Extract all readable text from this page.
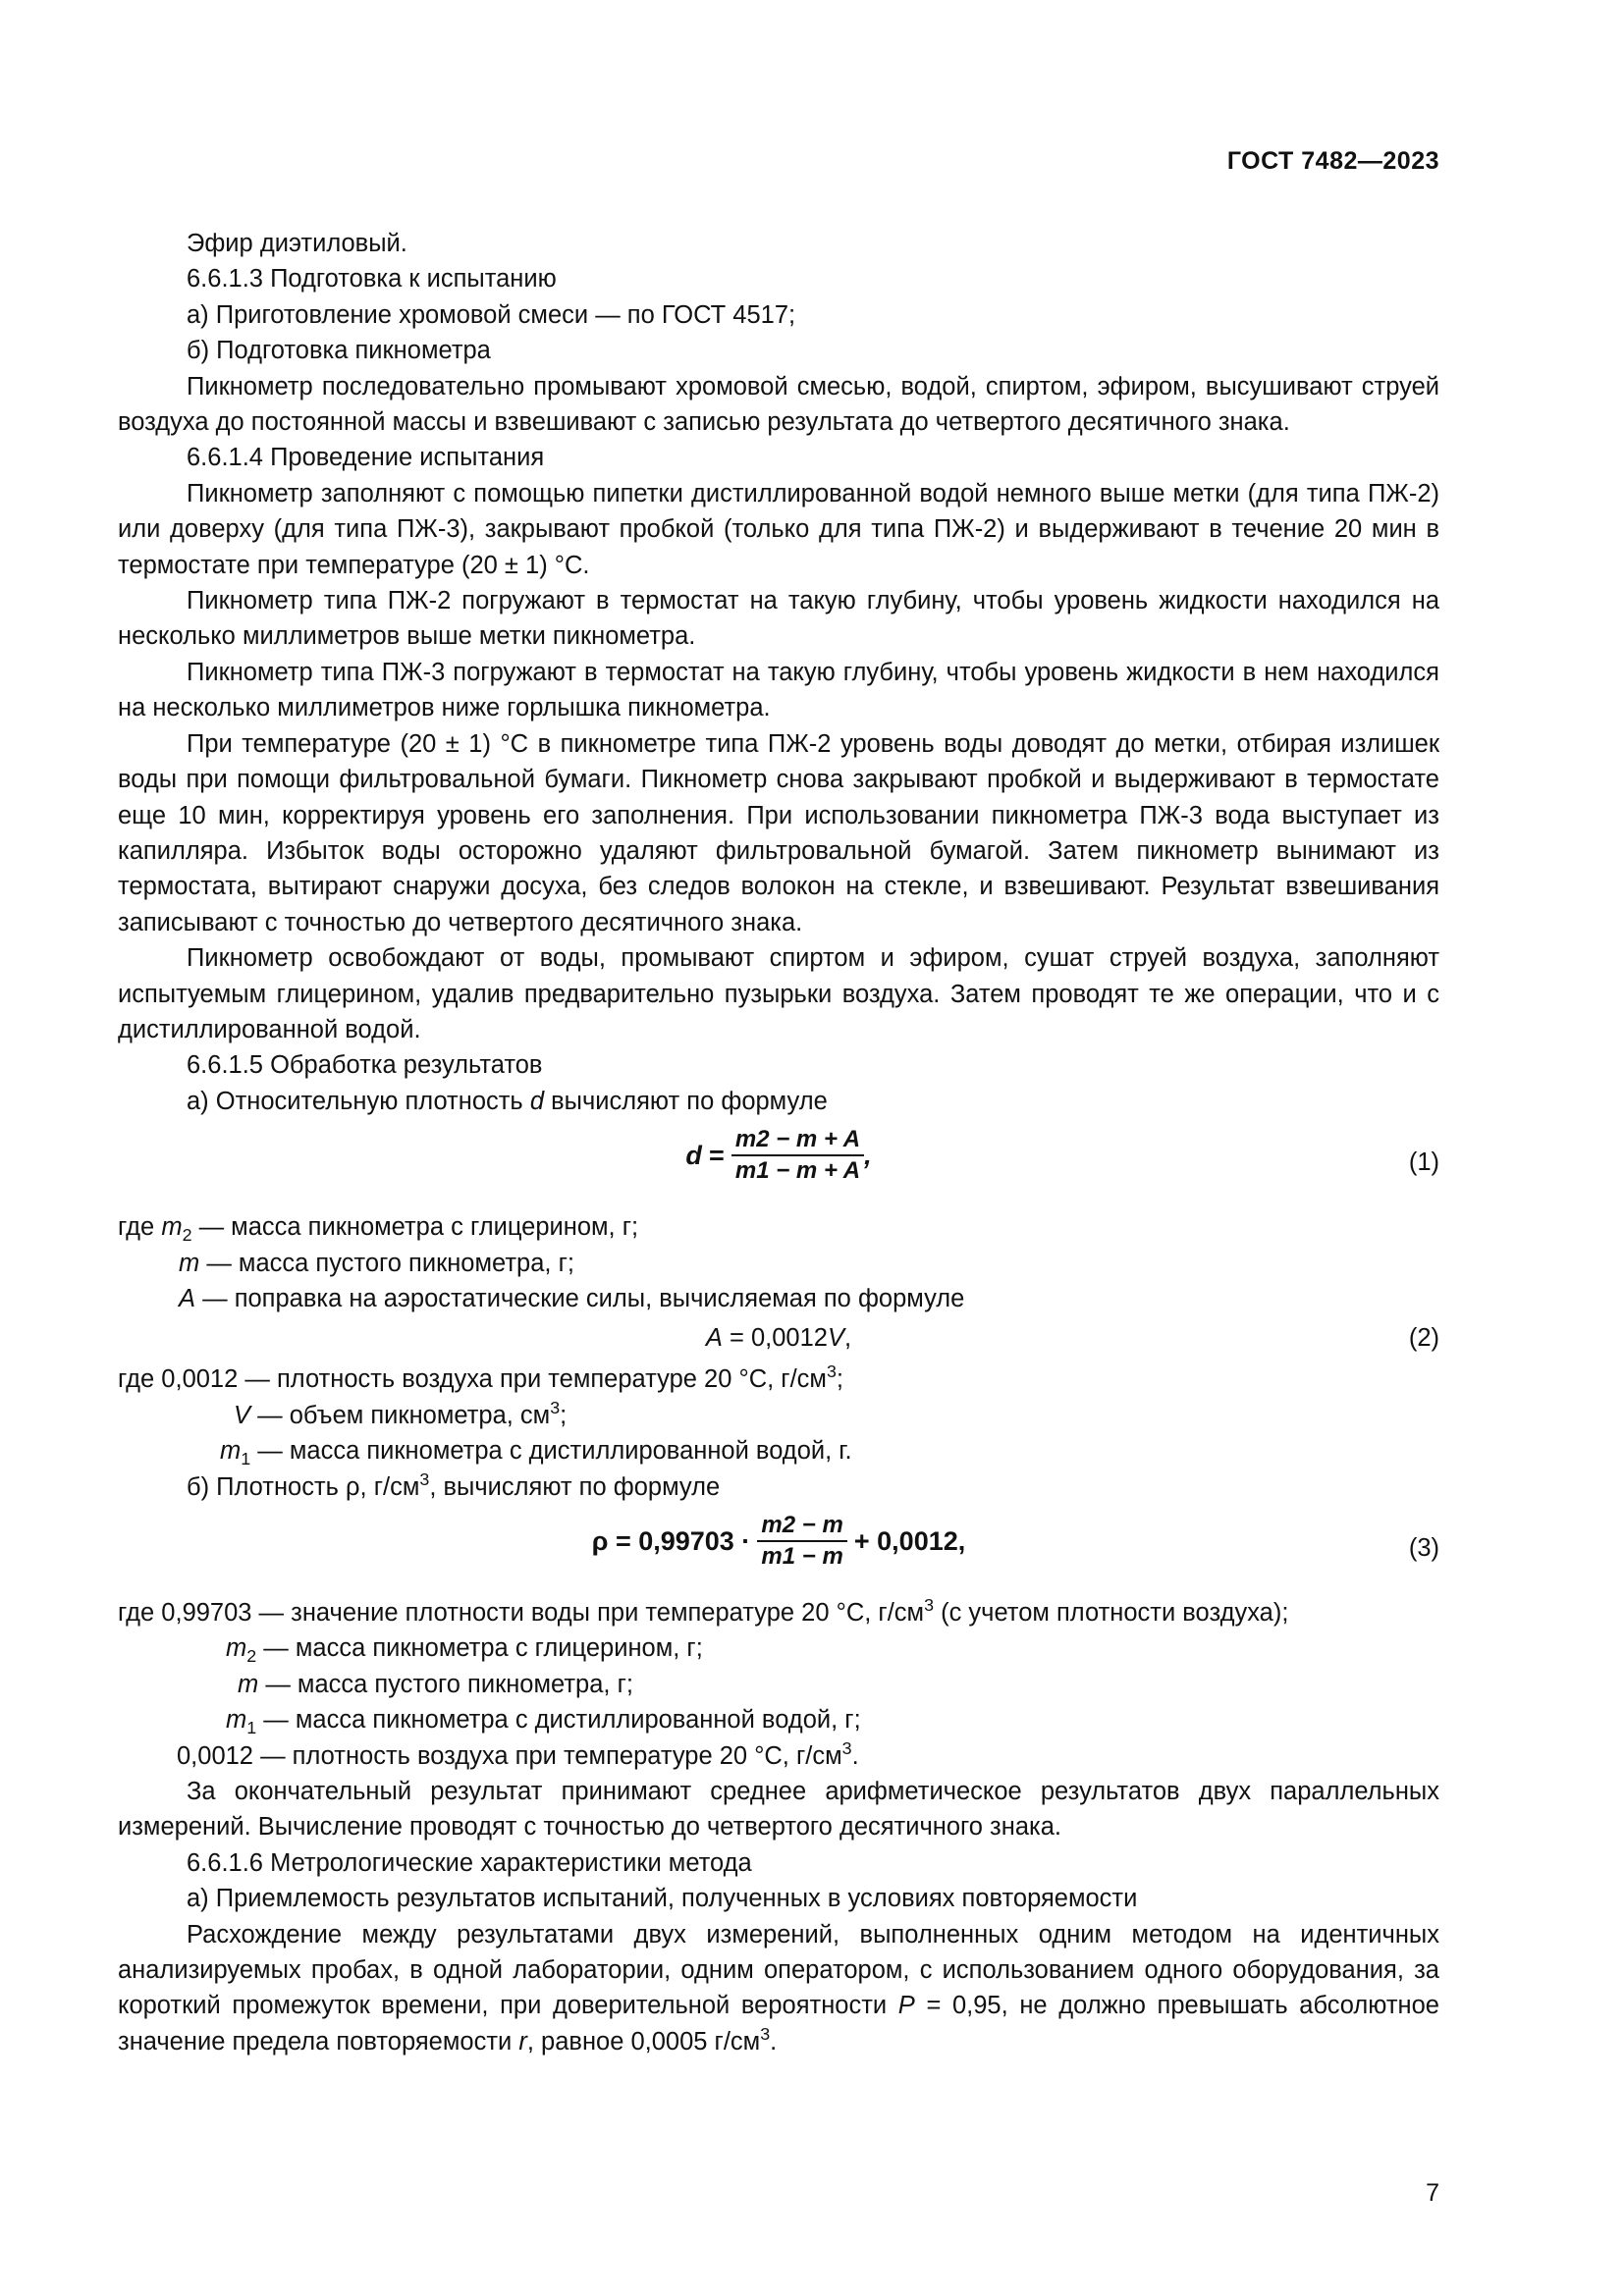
ГОСТ 7482—2023

Эфир диэтиловый.

6.6.1.3 Подготовка к испытанию

а) Приготовление хромовой смеси — по ГОСТ 4517;

б) Подготовка пикнометра

Пикнометр последовательно промывают хромовой смесью, водой, спиртом, эфиром, высушивают струей воздуха до постоянной массы и взвешивают с записью результата до четвертого десятичного знака.

6.6.1.4 Проведение испытания

Пикнометр заполняют с помощью пипетки дистиллированной водой немного выше метки (для типа ПЖ-2) или доверху (для типа ПЖ-3), закрывают пробкой (только для типа ПЖ-2) и выдерживают в течение 20 мин в термостате при температуре (20 ± 1) °С.

Пикнометр типа ПЖ-2 погружают в термостат на такую глубину, чтобы уровень жидкости находился на несколько миллиметров выше метки пикнометра.

Пикнометр типа ПЖ-3 погружают в термостат на такую глубину, чтобы уровень жидкости в нем находился на несколько миллиметров ниже горлышка пикнометра.

При температуре (20 ± 1) °С в пикнометре типа ПЖ-2 уровень воды доводят до метки, отбирая излишек воды при помощи фильтровальной бумаги. Пикнометр снова закрывают пробкой и выдерживают в термостате еще 10 мин, корректируя уровень его заполнения. При использовании пикнометра ПЖ-3 вода выступает из капилляра. Избыток воды осторожно удаляют фильтровальной бумагой. Затем пикнометр вынимают из термостата, вытирают снаружи досуха, без следов волокон на стекле, и взвешивают. Результат взвешивания записывают с точностью до четвертого десятичного знака.

Пикнометр освобождают от воды, промывают спиртом и эфиром, сушат струей воздуха, заполняют испытуемым глицерином, удалив предварительно пузырьки воздуха. Затем проводят те же операции, что и с дистиллированной водой.

6.6.1.5 Обработка результатов

а) Относительную плотность d вычисляют по формуле

$d = \frac{m2 - m + A}{m1 - m + A}$ ,	(1)
где $m_2$ — масса пикнометра с глицерином, г;
m — масса пустого пикнометра, г;
A — поправка на аэростатические силы, вычисляемая по формуле
A = 0,0012V,	(2)
где 0,0012 — плотность воздуха при температуре 20 °С, $г/см^3$;
V — объем пикнометра, $см^3$;
$m_1$ — масса пикнометра с дистиллированной водой, г.

б) Плотность ρ, $г/см^3$, вычисляют по формуле

$\rho = 0,99703 \cdot \frac{m2 - m}{m1 - m} + 0,0012$,	(3)
где 0,99703 — значение плотности воды при температуре 20 °С, $г/см^3$ (с учетом плотности воздуха);
$m_2$ — масса пикнометра с глицерином, г;
m — масса пустого пикнометра, г;
$m_1$ — масса пикнометра с дистиллированной водой, г;
0,0012 — плотность воздуха при температуре 20 °С, $г/см^3$.

За окончательный результат принимают среднее арифметическое результатов двух параллельных измерений. Вычисление проводят с точностью до четвертого десятичного знака.

6.6.1.6 Метрологические характеристики метода

а) Приемлемость результатов испытаний, полученных в условиях повторяемости

Расхождение между результатами двух измерений, выполненных одним методом на идентичных анализируемых пробах, в одной лаборатории, одним оператором, с использованием одного оборудования, за короткий промежуток времени, при доверительной вероятности P = 0,95, не должно превышать абсолютное значение предела повторяемости r, равное 0,0005 $г/см^3$.

7
